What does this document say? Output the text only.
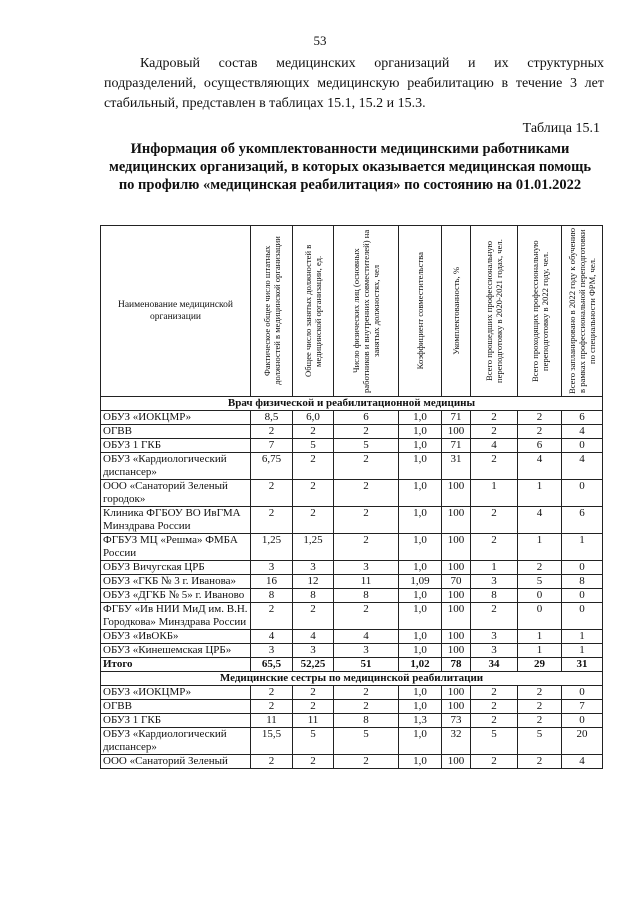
53
Кадровый состав медицинских организаций и их структурных подразделений, осуществляющих медицинскую реабилитацию в течение 3 лет стабильный, представлен в таблицах 15.1, 15.2 и 15.3.
Таблица 15.1
Информация об укомплектованности медицинскими работниками медицинских организаций, в которых оказывается медицинская помощь по профилю «медицинская реабилитация» по состоянию на 01.01.2022
Наименование медицинской организации	Фактическое общее число штатных должностей в медицинской организации	Общее число занятых должностей в медицинской организации, ед.	Число физических лиц (основных работников и внутренних совместителей) на занятых должностях, чел	Коэффициент совместительства	Укомплектованность, %	Всего прошедших профессиональную переподготовку в 2020-2021 годах, чел.	Всего проходящих профессиональную переподготовку в 2022 году, чел.	Всего запланировано в 2022 году к обучению в рамках профессиональной переподготовки по специальности ФРМ, чел.

Врач физической и реабилитационной медицины								
ОБУЗ «ИОКЦМР»	8,5	6,0	6	1,0	71	2	2	6
ОГВВ	2	2	2	1,0	100	2	2	4
ОБУЗ 1 ГКБ	7	5	5	1,0	71	4	6	0
ОБУЗ «Кардиологический диспансер»	6,75	2	2	1,0	31	2	4	4
ООО «Санаторий Зеленый городок»	2	2	2	1,0	100	1	1	0
Клиника ФГБОУ ВО ИвГМА Минздрава России	2	2	2	1,0	100	2	4	6
ФГБУЗ МЦ «Решма» ФМБА России	1,25	1,25	2	1,0	100	2	1	1
ОБУЗ Вичугская ЦРБ	3	3	3	1,0	100	1	2	0
ОБУЗ «ГКБ № 3 г. Иванова»	16	12	11	1,09	70	3	5	8
ОБУЗ «ДГКБ № 5» г. Иваново	8	8	8	1,0	100	8	0	0
ФГБУ «Ив НИИ МиД им. В.Н. Городкова» Минздрава России	2	2	2	1,0	100	2	0	0
ОБУЗ «ИвОКБ»	4	4	4	1,0	100	3	1	1
ОБУЗ «Кинешемская ЦРБ»	3	3	3	1,0	100	3	1	1
Итого	65,5	52,25	51	1,02	78	34	29	31
Медицинские сестры по медицинской реабилитации								
ОБУЗ «ИОКЦМР»	2	2	2	1,0	100	2	2	0
ОГВВ	2	2	2	1,0	100	2	2	7
ОБУЗ 1 ГКБ	11	11	8	1,3	73	2	2	0
ОБУЗ «Кардиологический диспансер»	15,5	5	5	1,0	32	5	5	20
ООО «Санаторий Зеленый	2	2	2	1,0	100	2	2	4
